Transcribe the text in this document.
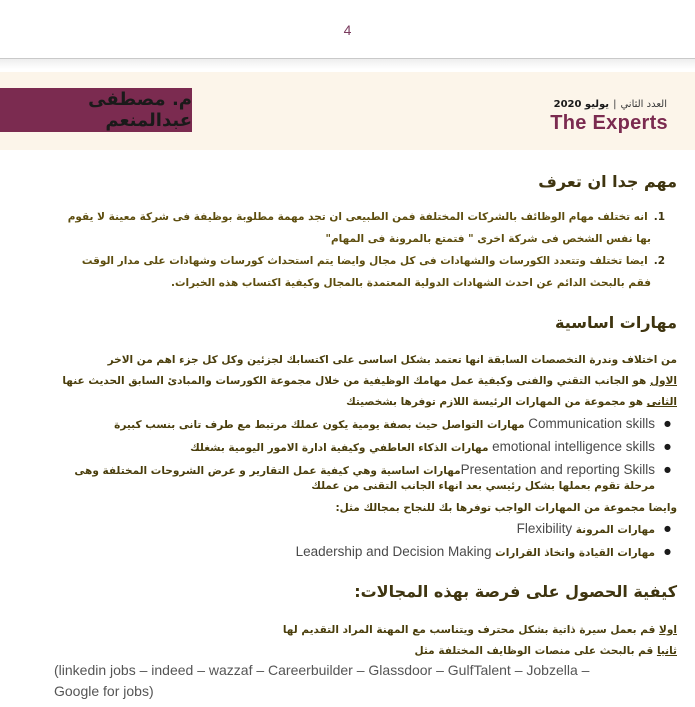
4
م. مصطفى عبدالمنعم
العدد الثاني
|
يوليو 2020
The Experts
مهم جدا ان تعرف
1.انه تختلف مهام الوظائف بالشركات المختلفة فمن الطبيعى ان تجد مهمة مطلوبة بوظيفة فى شركة معينة لا يقوم
بها نفس الشخص فى شركة اخرى " فتمتع بالمرونة فى المهام"
2.ايضا تختلف وتتعدد الكورسات والشهادات فى كل مجال وايضا يتم استحداث كورسات وشهادات على مدار الوقت
فقم بالبحث الدائم عن احدث الشهادات الدولية المعتمدة بالمجال وكيفية اكتساب هذه الخبرات.
مهارات اساسية
من اختلاف وندرة التخصصات السابقة انها تعتمد بشكل اساسى على اكتسابك لجزئين وكل كل جزء اهم من الاخر
الاول هو الجانب التقني والفنى وكيفية عمل مهامك الوظيفية من خلال مجموعة الكورسات والمبادئ السابق الحديث عنها
الثانى هو مجموعة من المهارات الرئيسة اللازم توفرها بشخصيتك
● Communication skills مهارات التواصل حيث بصفة يومية يكون عملك مرتبط مع طرف تانى بنسب كبيرة
● emotional intelligence skills مهارات الذكاء العاطفي وكيفية ادارة الامور اليومية بشغلك
● Presentation and reporting Skillsمهارات اساسية وهي كيفية عمل التقارير و عرض الشروحات المختلفة وهى
مرحلة تقوم بعملها بشكل رئيسي بعد انهاء الجانب التقنى من عملك
وايضا مجموعة من المهارات الواجب توفرها بك للنجاح بمجالك مثل:
● مهارات المرونة Flexibility
● مهارات القيادة واتخاذ القرارات Leadership and Decision Making
كيفية الحصول على فرصة بهذه المجالات:
اولا قم بعمل سيرة ذاتية بشكل محترف ويتناسب مع المهنة المراد التقديم لها
ثانيا قم بالبحث على منصات الوظايف المختلفة مثل
(linkedin jobs – indeed – wazzaf – Careerbuilder – Glassdoor – GulfTalent – Jobzella –
Google for jobs)
